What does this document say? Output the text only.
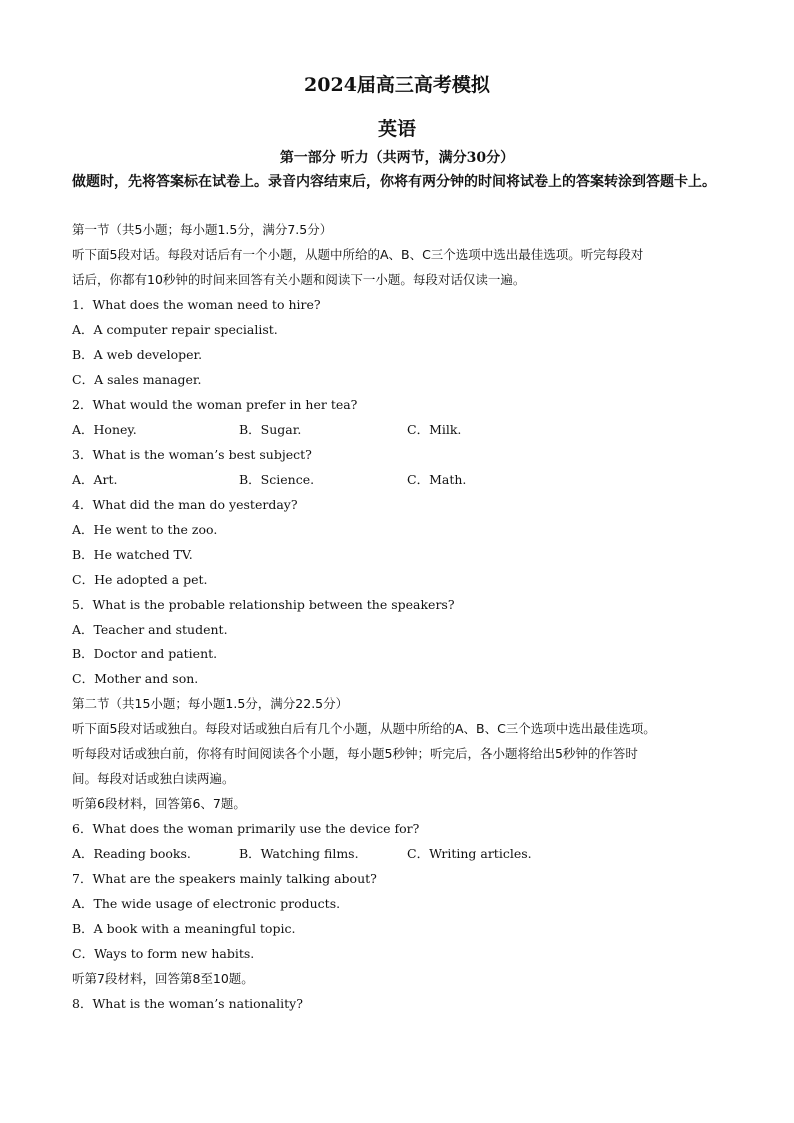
2024届高三高考模拟
英语
第一部分 听力（共两节，满分30分）
做题时，先将答案标在试卷上。录音内容结束后，你将有两分钟的时间将试卷上的答案转涂到答题卡上。
第一节（共5小题；每小题1.5分，满分7.5分）
听下面5段对话。每段对话后有一个小题，从题中所给的A、B、C三个选项中选出最佳选项。听完每段对
话后，你都有10秒钟的时间来回答有关小题和阅读下一小题。每段对话仅读一遍。
1．What does the woman need to hire?
A．A computer repair specialist.
B．A web developer.
C．A sales manager.
2．What would the woman prefer in her tea?
A．Honey.	B．Sugar.	C．Milk.
3．What is the woman’s best subject?
A．Art.	B．Science.	C．Math.
4．What did the man do yesterday?
A．He went to the zoo.
B．He watched TV.
C．He adopted a pet.
5．What is the probable relationship between the speakers?
A．Teacher and student.
B．Doctor and patient.
C．Mother and son.
第二节（共15小题；每小题1.5分，满分22.5分）
听下面5段对话或独白。每段对话或独白后有几个小题，从题中所给的A、B、C三个选项中选出最佳选项。
听每段对话或独白前，你将有时间阅读各个小题，每小题5秒钟；听完后，各小题将给出5秒钟的作答时
间。每段对话或独白读两遍。
听第6段材料，回答第6、7题。
6．What does the woman primarily use the device for?
A．Reading books.	B．Watching films.	C．Writing articles.
7．What are the speakers mainly talking about?
A．The wide usage of electronic products.
B．A book with a meaningful topic.
C．Ways to form new habits.
听第7段材料，回答第8至10题。
8．What is the woman’s nationality?
